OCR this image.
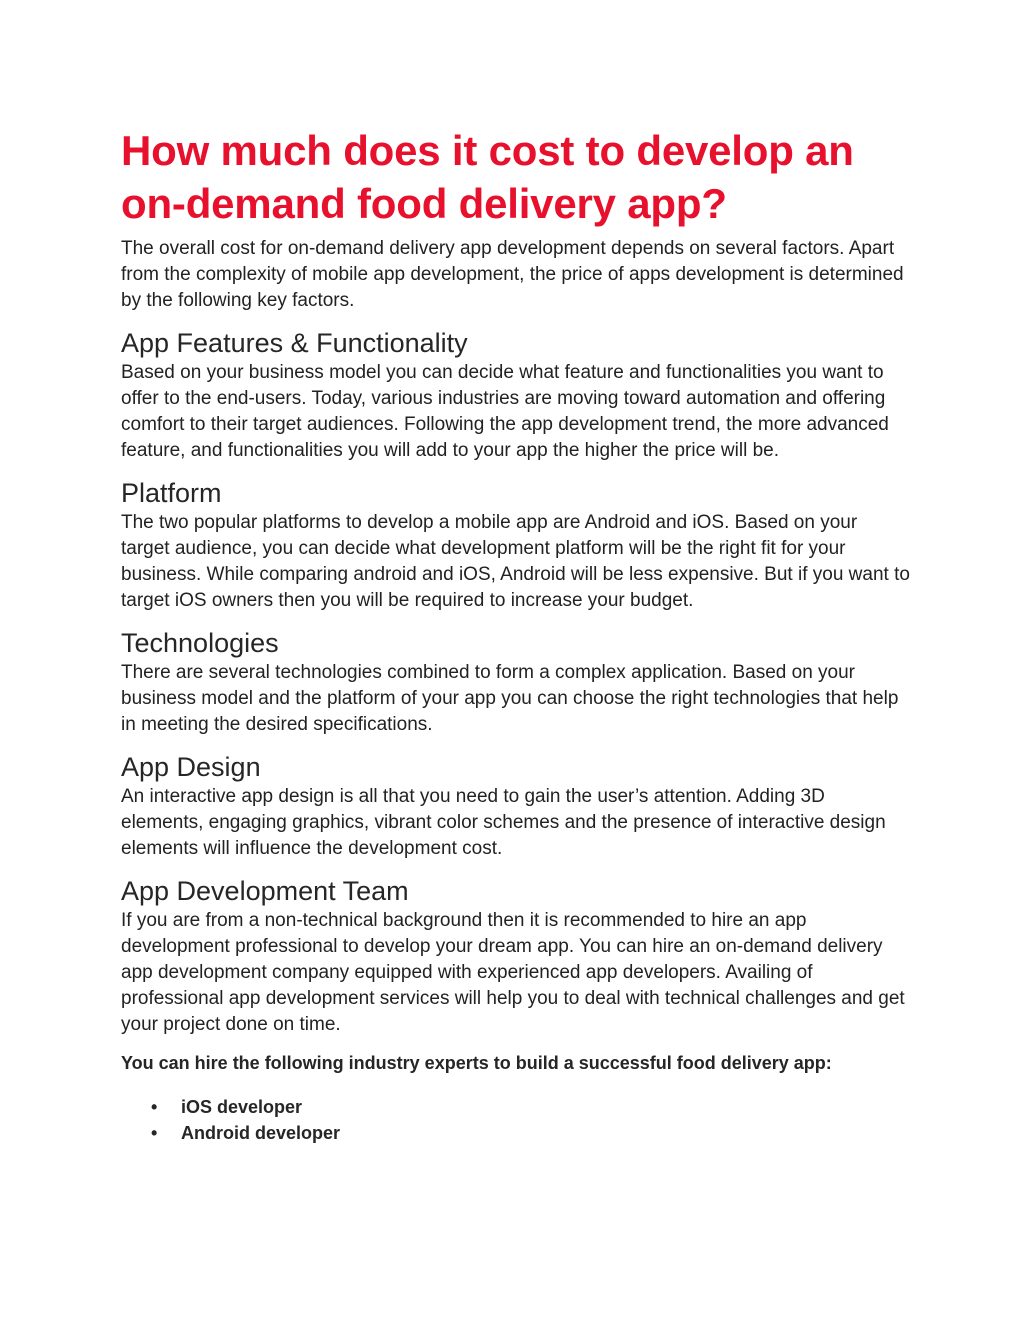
How much does it cost to develop an on-demand food delivery app?

The overall cost for on-demand delivery app development depends on several factors. Apart from the complexity of mobile app development, the price of apps development is determined by the following key factors.

App Features & Functionality

Based on your business model you can decide what feature and functionalities you want to offer to the end-users. Today, various industries are moving toward automation and offering comfort to their target audiences. Following the app development trend, the more advanced feature, and functionalities you will add to your app the higher the price will be.

Platform

The two popular platforms to develop a mobile app are Android and iOS. Based on your target audience, you can decide what development platform will be the right fit for your business. While comparing android and iOS, Android will be less expensive. But if you want to target iOS owners then you will be required to increase your budget.

Technologies

There are several technologies combined to form a complex application. Based on your business model and the platform of your app you can choose the right technologies that help in meeting the desired specifications.

App Design

An interactive app design is all that you need to gain the user’s attention. Adding 3D elements, engaging graphics, vibrant color schemes and the presence of interactive design elements will influence the development cost.

App Development Team

If you are from a non-technical background then it is recommended to hire an app development professional to develop your dream app. You can hire an on-demand delivery app development company equipped with experienced app developers. Availing of professional app development services will help you to deal with technical challenges and get your project done on time.

You can hire the following industry experts to build a successful food delivery app:

• iOS developer
• Android developer
